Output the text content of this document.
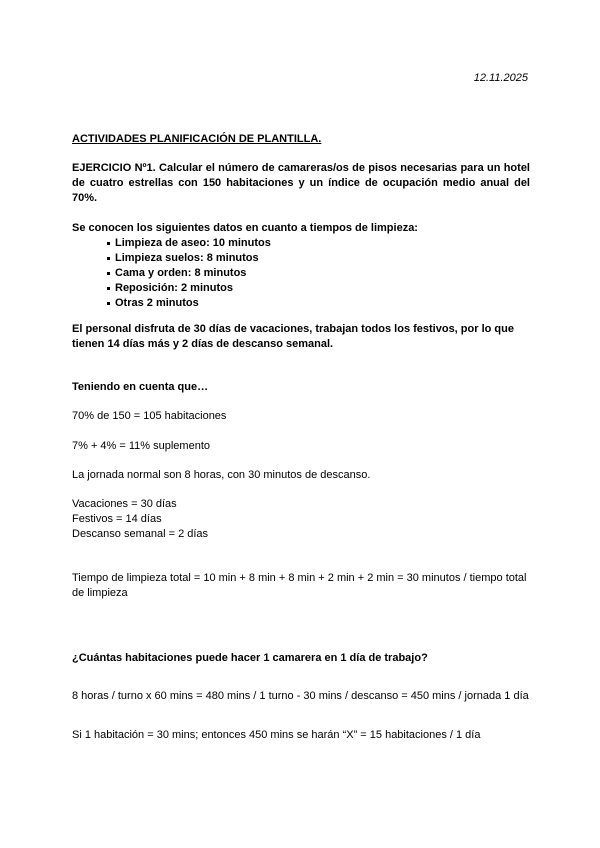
12.11.2025
ACTIVIDADES PLANIFICACIÓN DE PLANTILLA.

EJERCICIO Nº1. Calcular el número de camareras/os de pisos necesarias para un hotel de cuatro estrellas con 150 habitaciones y un índice de ocupación medio anual del 70%.

Se conocen los siguientes datos en cuanto a tiempos de limpieza:

Limpieza de aseo: 10 minutos
Limpieza suelos: 8 minutos
Cama y orden: 8 minutos
Reposición: 2 minutos
Otras 2 minutos

El personal disfruta de 30 días de vacaciones, trabajan todos los festivos, por lo que tienen 14 días más y 2 días de descanso semanal.

Teniendo en cuenta que…

70% de 150 = 105 habitaciones

7% + 4% = 11% suplemento

La jornada normal son 8 horas, con 30 minutos de descanso.

Vacaciones = 30 días

Festivos = 14 días

Descanso semanal = 2 días

Tiempo de limpieza total = 10 min + 8 min + 8 min + 2 min + 2 min = 30 minutos / tiempo total de limpieza

¿Cuántas habitaciones puede hacer 1 camarera en 1 día de trabajo?

8 horas / turno x 60 mins = 480 mins / 1 turno - 30 mins / descanso = 450 mins / jornada 1 día

Si 1 habitación = 30 mins; entonces 450 mins se harán “X” = 15 habitaciones / 1 día
